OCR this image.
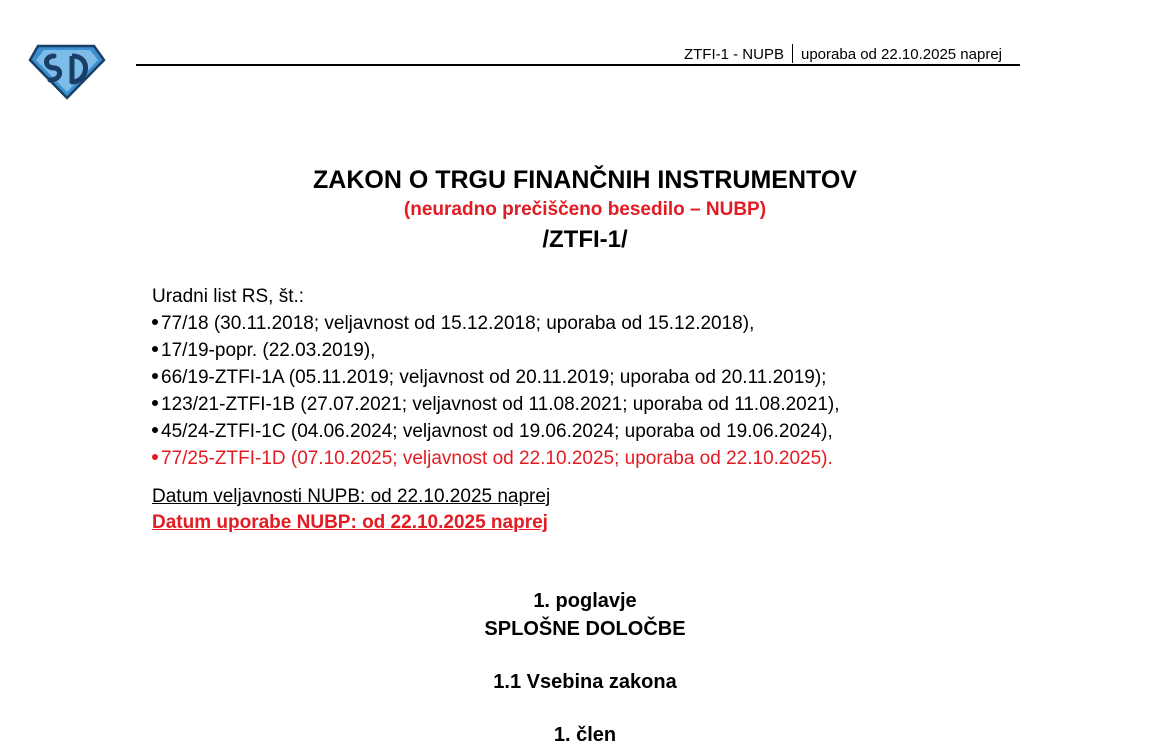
ZTFI-1 - NUPB uporaba od 22.10.2025 naprej
ZAKON O TRGU FINANČNIH INSTRUMENTOV
(neuradno prečiščeno besedilo – NUBP)
/ZTFI-1/
Uradni list RS, št.:
77/18 (30.11.2018; veljavnost od 15.12.2018; uporaba od 15.12.2018),
17/19-popr. (22.03.2019),
66/19-ZTFI-1A (05.11.2019; veljavnost od 20.11.2019; uporaba od 20.11.2019);
123/21-ZTFI-1B (27.07.2021; veljavnost od 11.08.2021; uporaba od 11.08.2021),
45/24-ZTFI-1C (04.06.2024; veljavnost od 19.06.2024; uporaba od 19.06.2024),
77/25-ZTFI-1D (07.10.2025; veljavnost od 22.10.2025; uporaba od 22.10.2025).
Datum veljavnosti NUPB: od 22.10.2025 naprej
Datum uporabe NUBP: od 22.10.2025 naprej
1. poglavje
SPLOŠNE DOLOČBE
1.1 Vsebina zakona
1. člen
